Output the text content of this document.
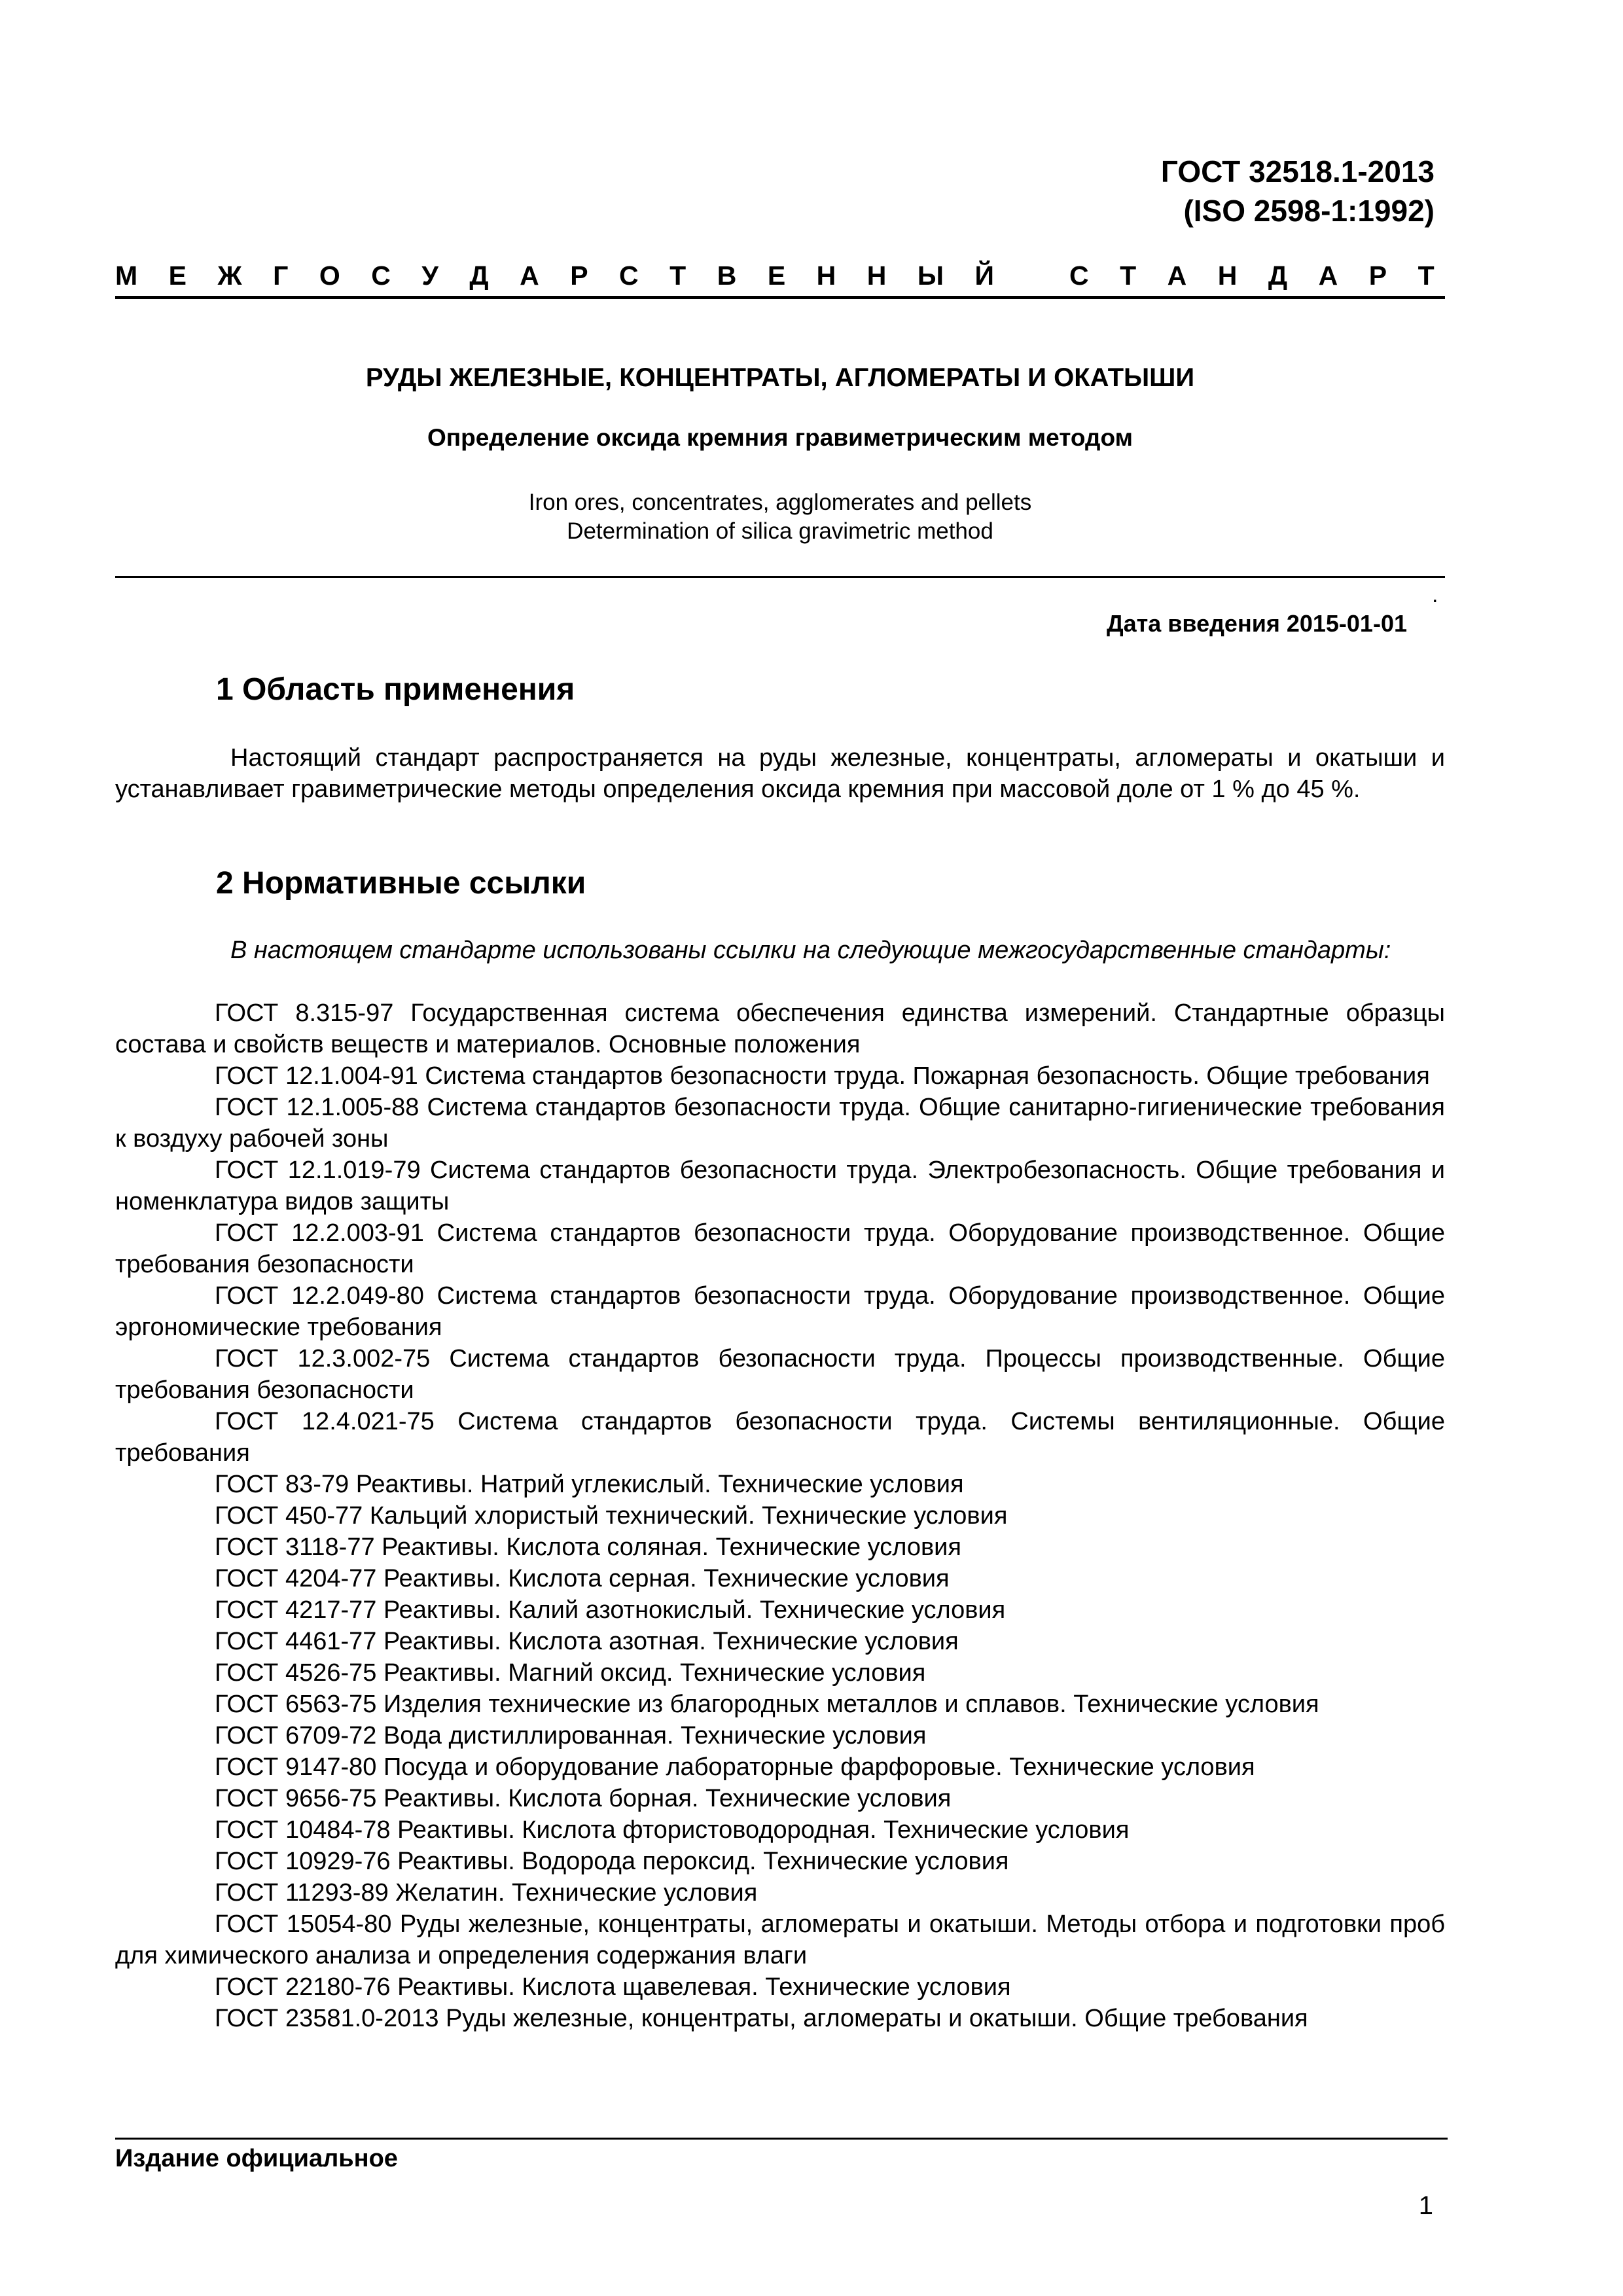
ГОСТ 32518.1-2013
(ISO 2598-1:1992)
М Е Ж Г О С У Д А Р С Т В Е Н Н Ы Й	С Т А Н Д А Р Т
РУДЫ ЖЕЛЕЗНЫЕ, КОНЦЕНТРАТЫ, АГЛОМЕРАТЫ И ОКАТЫШИ
Определение оксида кремния гравиметрическим методом
Iron ores, concentrates, agglomerates and pellets
Determination of silica gravimetric method
.
Дата введения 2015-01-01
1 Область применения
Настоящий стандарт распространяется на руды железные, концентраты, агломераты и окатыши и устанавливает гравиметрические методы определения оксида кремния при массовой доле от 1 % до 45 %.
2 Нормативные ссылки
В настоящем стандарте использованы ссылки на следующие межгосударственные стандарты:
ГОСТ 8.315-97 Государственная система обеспечения единства измерений. Стандартные образцы состава и свойств веществ и материалов. Основные положения
ГОСТ 12.1.004-91 Система стандартов безопасности труда. Пожарная безопасность. Общие требования
ГОСТ 12.1.005-88 Система стандартов безопасности труда. Общие санитарно-гигиенические требования к воздуху рабочей зоны
ГОСТ 12.1.019-79 Система стандартов безопасности труда. Электробезопасность. Общие требования и номенклатура видов защиты
ГОСТ 12.2.003-91 Система стандартов безопасности труда. Оборудование производственное. Общие требования безопасности
ГОСТ 12.2.049-80 Система стандартов безопасности труда. Оборудование производственное. Общие эргономические требования
ГОСТ 12.3.002-75 Система стандартов безопасности труда. Процессы производственные. Общие требования безопасности
ГОСТ 12.4.021-75 Система стандартов безопасности труда. Системы вентиляционные. Общие требования
ГОСТ 83-79 Реактивы. Натрий углекислый. Технические условия
ГОСТ 450-77 Кальций хлористый технический. Технические условия
ГОСТ 3118-77 Реактивы. Кислота соляная. Технические условия
ГОСТ 4204-77 Реактивы. Кислота серная. Технические условия
ГОСТ 4217-77 Реактивы. Калий азотнокислый. Технические условия
ГОСТ 4461-77 Реактивы. Кислота азотная. Технические условия
ГОСТ 4526-75 Реактивы. Магний оксид. Технические условия
ГОСТ 6563-75 Изделия технические из благородных металлов и сплавов. Технические условия
ГОСТ 6709-72 Вода дистиллированная. Технические условия
ГОСТ 9147-80 Посуда и оборудование лабораторные фарфоровые. Технические условия
ГОСТ 9656-75 Реактивы. Кислота борная. Технические условия
ГОСТ 10484-78 Реактивы. Кислота фтористоводородная. Технические условия
ГОСТ 10929-76 Реактивы. Водорода пероксид. Технические условия
ГОСТ 11293-89 Желатин. Технические условия
ГОСТ 15054-80 Руды железные, концентраты, агломераты и окатыши. Методы отбора и подготовки проб для химического анализа и определения содержания влаги
ГОСТ 22180-76 Реактивы. Кислота щавелевая. Технические условия
ГОСТ 23581.0-2013 Руды железные, концентраты, агломераты и окатыши. Общие требования
Издание официальное
1
